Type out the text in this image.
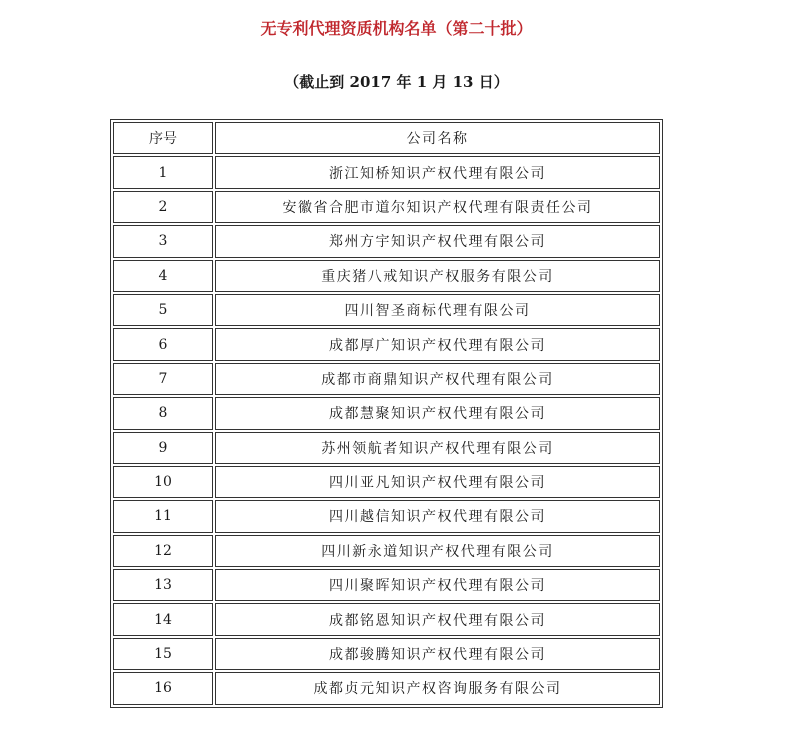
无专利代理资质机构名单（第二十批）
（截止到 2017 年 1 月 13 日）
序号	公司名称
1	浙江知桥知识产权代理有限公司
2	安徽省合肥市道尔知识产权代理有限责任公司
3	郑州方宇知识产权代理有限公司
4	重庆猪八戒知识产权服务有限公司
5	四川智圣商标代理有限公司
6	成都厚广知识产权代理有限公司
7	成都市商鼎知识产权代理有限公司
8	成都慧聚知识产权代理有限公司
9	苏州领航者知识产权代理有限公司
10	四川亚凡知识产权代理有限公司
11	四川越信知识产权代理有限公司
12	四川新永道知识产权代理有限公司
13	四川聚晖知识产权代理有限公司
14	成都铭恩知识产权代理有限公司
15	成都骏腾知识产权代理有限公司
16	成都贞元知识产权咨询服务有限公司
